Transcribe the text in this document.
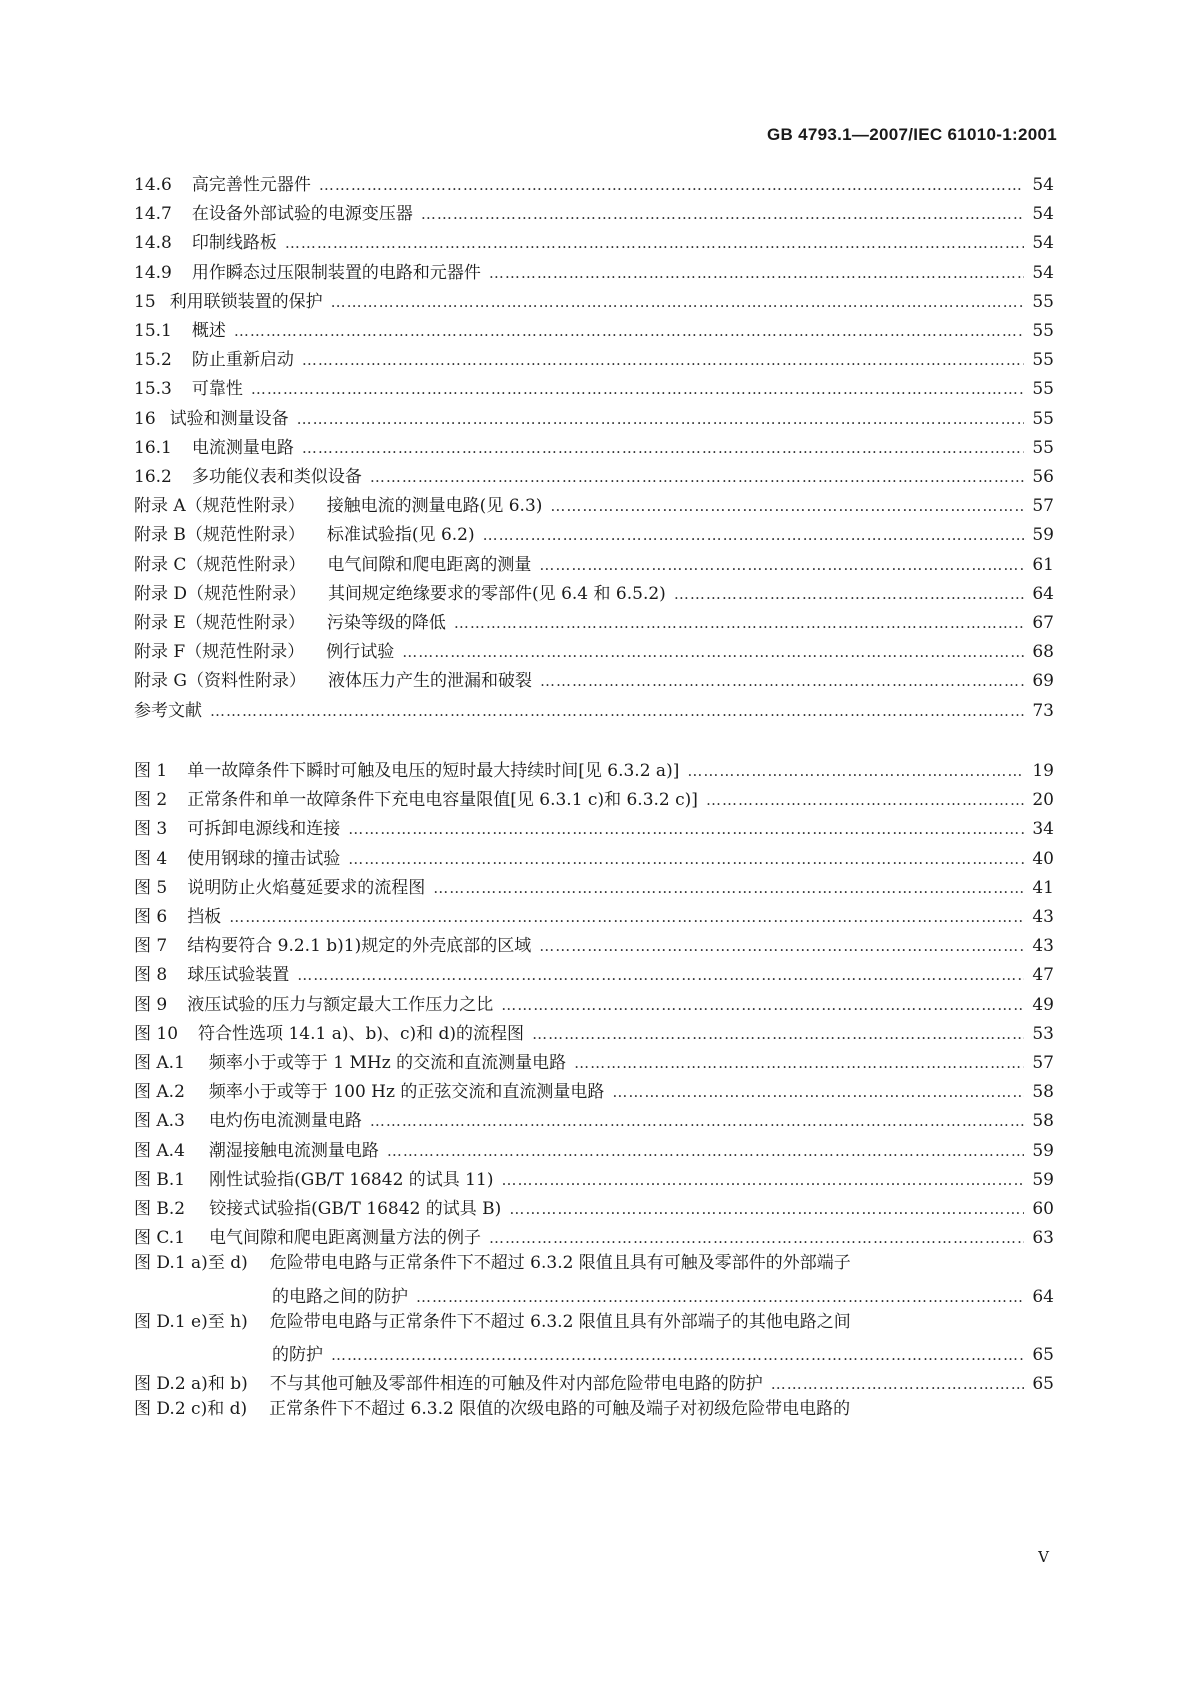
GB 4793.1—2007/IEC 61010-1:2001
14.6 高完善性元器件 ………………………………………………………………………………………………………………………………………………………………………………………………………………………………	54
14.7 在设备外部试验的电源变压器 ………………………………………………………………………………………………………………………………………………………………………………………………………………………………	54
14.8 印制线路板 ………………………………………………………………………………………………………………………………………………………………………………………………………………………………	54
14.9 用作瞬态过压限制装置的电路和元器件 ………………………………………………………………………………………………………………………………………………………………………………………………………………………………	54
15 利用联锁装置的保护 ………………………………………………………………………………………………………………………………………………………………………………………………………………………………	55
15.1 概述 ………………………………………………………………………………………………………………………………………………………………………………………………………………………………	55
15.2 防止重新启动 ………………………………………………………………………………………………………………………………………………………………………………………………………………………………	55
15.3 可靠性 ………………………………………………………………………………………………………………………………………………………………………………………………………………………………	55
16 试验和测量设备 ………………………………………………………………………………………………………………………………………………………………………………………………………………………………	55
16.1 电流测量电路 ………………………………………………………………………………………………………………………………………………………………………………………………………………………………	55
16.2 多功能仪表和类似设备 ………………………………………………………………………………………………………………………………………………………………………………………………………………………………	56
附录 A（规范性附录） 接触电流的测量电路(见 6.3) ………………………………………………………………………………………………………………………………………………………………………………………………………………………………	57
附录 B（规范性附录） 标准试验指(见 6.2) ………………………………………………………………………………………………………………………………………………………………………………………………………………………………	59
附录 C（规范性附录） 电气间隙和爬电距离的测量 ………………………………………………………………………………………………………………………………………………………………………………………………………………………………	61
附录 D（规范性附录） 其间规定绝缘要求的零部件(见 6.4 和 6.5.2) ………………………………………………………………………………………………………………………………………………………………………………………………………………………………	64
附录 E（规范性附录） 污染等级的降低 ………………………………………………………………………………………………………………………………………………………………………………………………………………………………	67
附录 F（规范性附录） 例行试验 ………………………………………………………………………………………………………………………………………………………………………………………………………………………………	68
附录 G（资料性附录） 液体压力产生的泄漏和破裂 ………………………………………………………………………………………………………………………………………………………………………………………………………………………………	69
参考文献 ………………………………………………………………………………………………………………………………………………………………………………………………………………………………	73
图 1 单一故障条件下瞬时可触及电压的短时最大持续时间[见 6.3.2 a)] ………………………………………………………………………………………………………………………………………………………………………………………………………………………………	19
图 2 正常条件和单一故障条件下充电电容量限值[见 6.3.1 c)和 6.3.2 c)] ………………………………………………………………………………………………………………………………………………………………………………………………………………………………	20
图 3 可拆卸电源线和连接 ………………………………………………………………………………………………………………………………………………………………………………………………………………………………	34
图 4 使用钢球的撞击试验 ………………………………………………………………………………………………………………………………………………………………………………………………………………………………	40
图 5 说明防止火焰蔓延要求的流程图 ………………………………………………………………………………………………………………………………………………………………………………………………………………………………	41
图 6 挡板 ………………………………………………………………………………………………………………………………………………………………………………………………………………………………	43
图 7 结构要符合 9.2.1 b)1)规定的外壳底部的区域 ………………………………………………………………………………………………………………………………………………………………………………………………………………………………	43
图 8 球压试验装置 ………………………………………………………………………………………………………………………………………………………………………………………………………………………………	47
图 9 液压试验的压力与额定最大工作压力之比 ………………………………………………………………………………………………………………………………………………………………………………………………………………………………	49
图 10 符合性选项 14.1 a)、b)、c)和 d)的流程图 ………………………………………………………………………………………………………………………………………………………………………………………………………………………………	53
图 A.1 频率小于或等于 1 MHz 的交流和直流测量电路 ………………………………………………………………………………………………………………………………………………………………………………………………………………………………	57
图 A.2 频率小于或等于 100 Hz 的正弦交流和直流测量电路 ………………………………………………………………………………………………………………………………………………………………………………………………………………………………	58
图 A.3 电灼伤电流测量电路 ………………………………………………………………………………………………………………………………………………………………………………………………………………………………	58
图 A.4 潮湿接触电流测量电路 ………………………………………………………………………………………………………………………………………………………………………………………………………………………………	59
图 B.1 刚性试验指(GB/T 16842 的试具 11) ………………………………………………………………………………………………………………………………………………………………………………………………………………………………	59
图 B.2 铰接式试验指(GB/T 16842 的试具 B) ………………………………………………………………………………………………………………………………………………………………………………………………………………………………	60
图 C.1 电气间隙和爬电距离测量方法的例子 ………………………………………………………………………………………………………………………………………………………………………………………………………………………………	63
图 D.1 a)至 d) 危险带电电路与正常条件下不超过 6.3.2 限值且具有可触及零部件的外部端子
的电路之间的防护 ………………………………………………………………………………………………………………………………………………………………………………………………………………………………	64
图 D.1 e)至 h) 危险带电电路与正常条件下不超过 6.3.2 限值且具有外部端子的其他电路之间
的防护 ………………………………………………………………………………………………………………………………………………………………………………………………………………………………	65
图 D.2 a)和 b) 不与其他可触及零部件相连的可触及件对内部危险带电电路的防护 ………………………………………………………………………………………………………………………………………………………………………………………………………………………………	65
图 D.2 c)和 d) 正常条件下不超过 6.3.2 限值的次级电路的可触及端子对初级危险带电电路的
V
